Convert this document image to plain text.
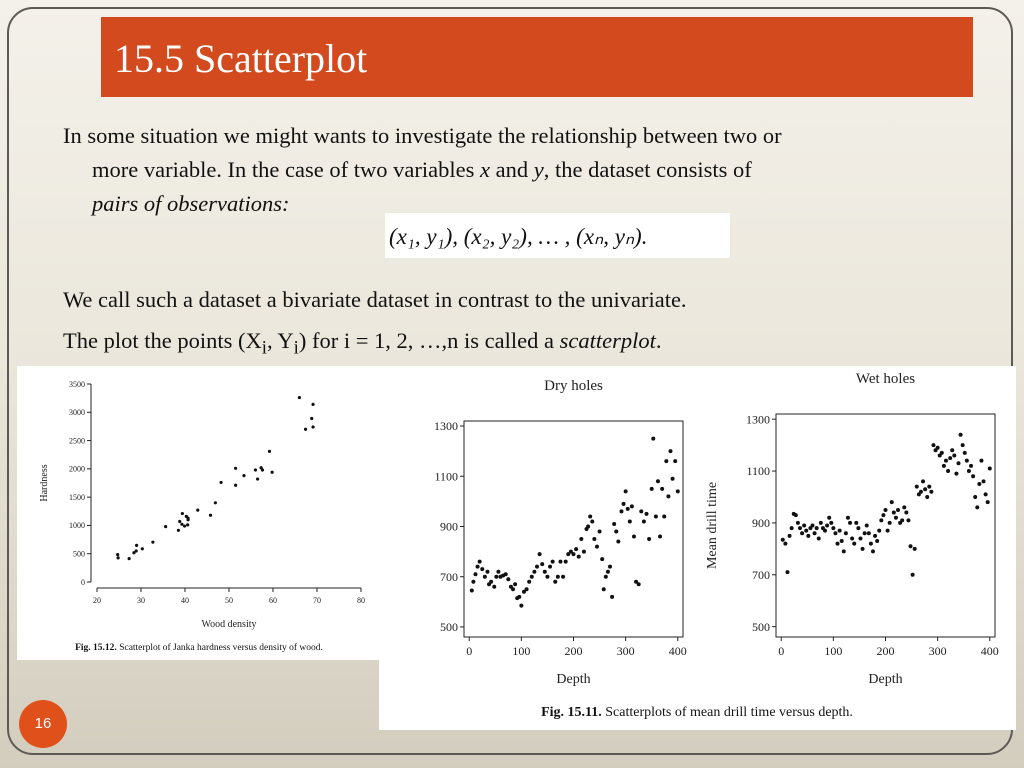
15.5 Scatterplot
In some situation we might wants to investigate the relationship between two or
more variable. In the case of two variables x and y, the dataset consists of
pairs of observations:
(x₁, y₁), (x₂, y₂), … , (xₙ, yₙ).
We call such a dataset a bivariate dataset in contrast to the univariate.
The plot the points ($X_i$, $Y_i$) for i = 1, 2, …,n is called a scatterplot.
20	30	40	50	60	70	80
0
500
1000
1500
2000
2500
3000
3500
Wood density
Hardness
Fig. 15.12. Scatterplot of Janka hardness versus density of wood.	0	100	200	300	400
500
700
900
1100
1300
Dry holes
Depth
0	100	200	300	400
500
700
900
1100
1300
Wet holes
Depth
Mean drill time
Fig. 15.11. Scatterplots of mean drill time versus depth.
16
